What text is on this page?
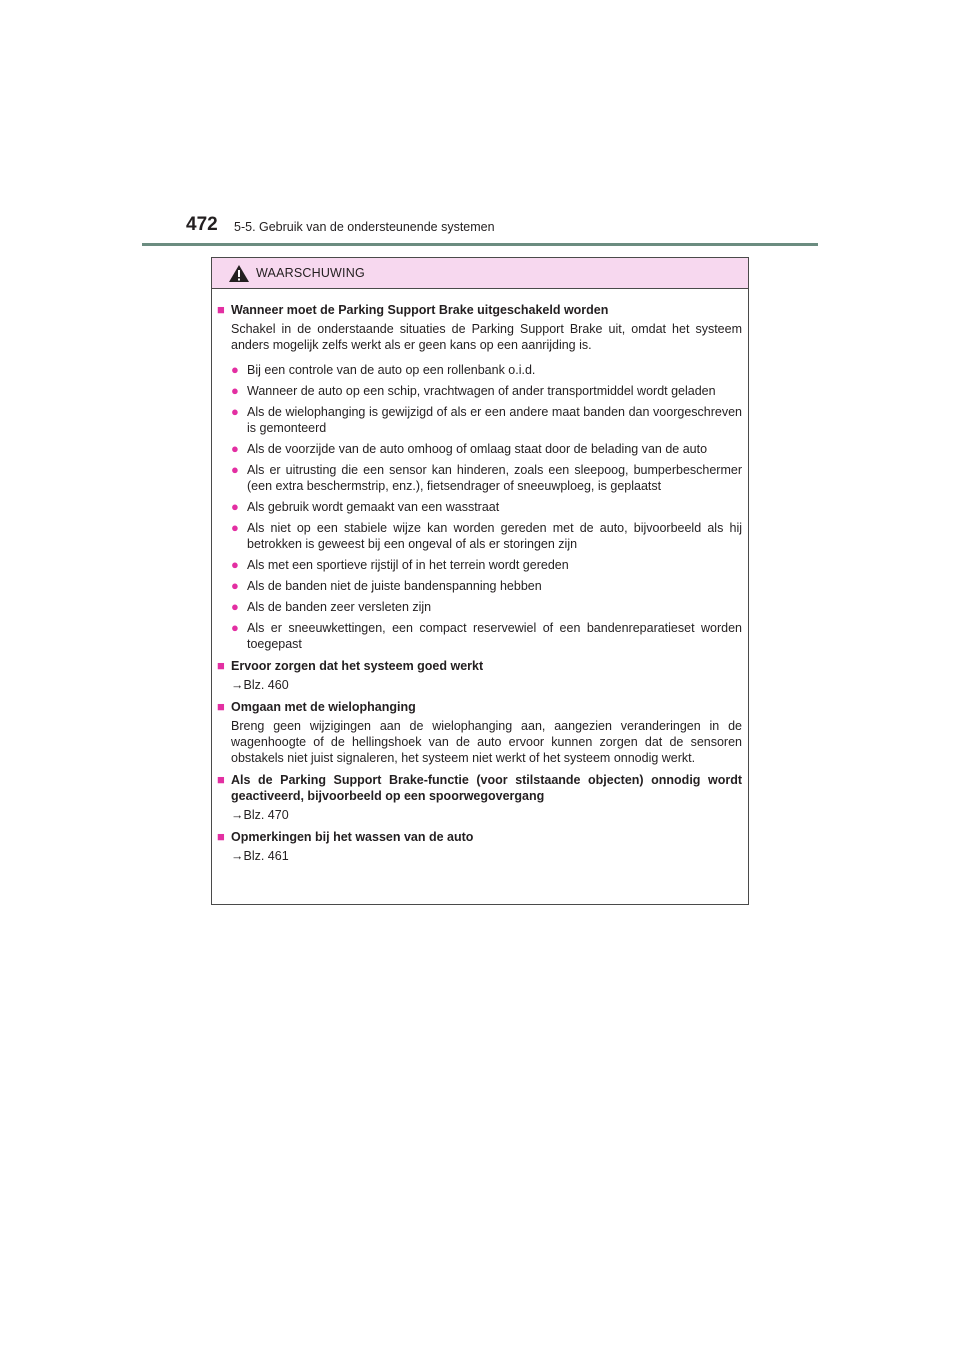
472 5-5. Gebruik van de ondersteunende systemen
WAARSCHUWING
■ Wanneer moet de Parking Support Brake uitgeschakeld worden
Schakel in de onderstaande situaties de Parking Support Brake uit, omdat het systeem anders mogelijk zelfs werkt als er geen kans op een aanrijding is.
● Bij een controle van de auto op een rollenbank o.i.d.
● Wanneer de auto op een schip, vrachtwagen of ander transportmiddel wordt geladen
● Als de wielophanging is gewijzigd of als er een andere maat banden dan voorgeschreven is gemonteerd
● Als de voorzijde van de auto omhoog of omlaag staat door de belading van de auto
● Als er uitrusting die een sensor kan hinderen, zoals een sleepoog, bumperbeschermer (een extra beschermstrip, enz.), fietsendrager of sneeuwploeg, is geplaatst
● Als gebruik wordt gemaakt van een wasstraat
● Als niet op een stabiele wijze kan worden gereden met de auto, bijvoorbeeld als hij betrokken is geweest bij een ongeval of als er storingen zijn
● Als met een sportieve rijstijl of in het terrein wordt gereden
● Als de banden niet de juiste bandenspanning hebben
● Als de banden zeer versleten zijn
● Als er sneeuwkettingen, een compact reservewiel of een bandenreparatieset worden toegepast
■ Ervoor zorgen dat het systeem goed werkt
→Blz. 460
■ Omgaan met de wielophanging
Breng geen wijzigingen aan de wielophanging aan, aangezien veranderingen in de wagenhoogte of de hellingshoek van de auto ervoor kunnen zorgen dat de sensoren obstakels niet juist signaleren, het systeem niet werkt of het systeem onnodig werkt.
■ Als de Parking Support Brake-functie (voor stilstaande objecten) onnodig wordt geactiveerd, bijvoorbeeld op een spoorwegovergang
→Blz. 470
■ Opmerkingen bij het wassen van de auto
→Blz. 461
